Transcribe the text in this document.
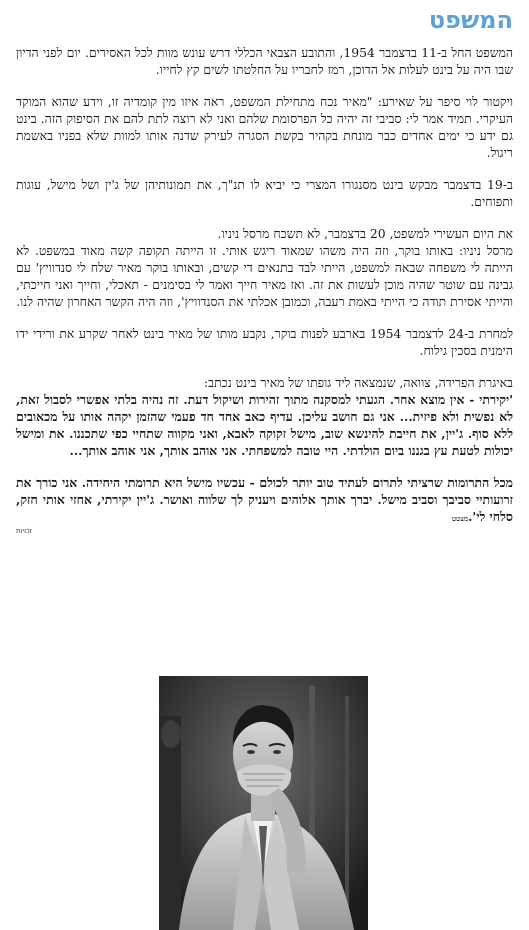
המשפט

המשפט החל ב-11 בדצמבר 1954, והתובע הצבאי הכללי דרש עונש מוות לכל האסירים. יום לפני הדיון שבו היה על בינט לעלות אל הדוכן, רמז לחבריו על החלטתו לשים קץ לחייו.

ויקטור לוי סיפר על שאירע: "מאיר נכח מתחילת המשפט, ראה איזו מין קומדיה זו, וידע שהוא המוקד העיקרי. תמיד אמר לי: סביבי זה יהיה כל הפרסומת שלהם ואני לא רוצה לתת להם את הסיפוק הזה. בינט גם ידע כי ימים אחדים כבר מונחת בקהיר בקשת הסגרה לעירק שדנה אותו למוות שלא בפניו באשמת ריגול.

ב-19 בדצמבר מבקש בינט מסנגורו המצרי כי יביא לו תנ"ך, את תמונותיהן של ג'ין ושל מישל, עוגות ותפוחים.

את היום העשירי למשפט, 20 בדצמבר, לא תשכח מרסל ניניו.

מרסל ניניו: באותו בוקר, וזה היה משהו שמאוד ריגש אותי. זו הייתה תקופה קשה מאוד במשפט. לא הייתה לי משפחה שבאה למשפט, הייתי לבד בתנאים די קשים, ובאותו בוקר מאיר שלח לי סנדוויץ' עם גבינה עם שוטר שהיה מוכן לעשות את זה. ואז מאיר חייך ואמר לי בסימנים - תאכלי, וחייך ואני חייכתי, והייתי אסירת תודה כי הייתי באמת רעבה, וכמובן אכלתי את הסנדוויץ', וזה היה הקשר האחרון שהיה לנו.

למחרת ב-24 לדצמבר 1954 בארבע לפנות בוקר, נקבע מותו של מאיר בינט לאחר שקרע את ורידי ידו הימנית בסכין גילוח.

באיגרת הפרידה, צוואה, שנמצאה ליד גופתו של מאיר בינט נכתב:

'יקירתי - אין מוצא אחר. הגעתי למסקנה מתוך זהירות ושיקול דעת. זה נהיה בלתי אפשרי לסבול זאת, לא נפשית ולא פיזית... אני גם חושב עליכן. עדיף כאב אחד חד פעמי שהזמן יקהה אותו על מכאובים ללא סוף. ג'יין, את חייבת להינשא שוב, מישל זקוקה לאבא, ואני מקווה שתחיי כפי שתכננו. את ומישל יכולות לטעת עץ בגננו ביום הולדתי. היי טובה למשפחתי. אני אוהב אותך, אני אוהב אותך...

מכל התרומות שרציתי לתרום לעתיד טוב יותר לכולם - עכשיו מישל היא תרומתי היחידה. אני כורך את זרועותיי סביבך וסביב מישל. יברך אותך אלוהים ויעניק לך שלווה ואושר. ג'יין יקירתי, אחזי אותי חזק, סלחי לי'.מצטט

זכויות
